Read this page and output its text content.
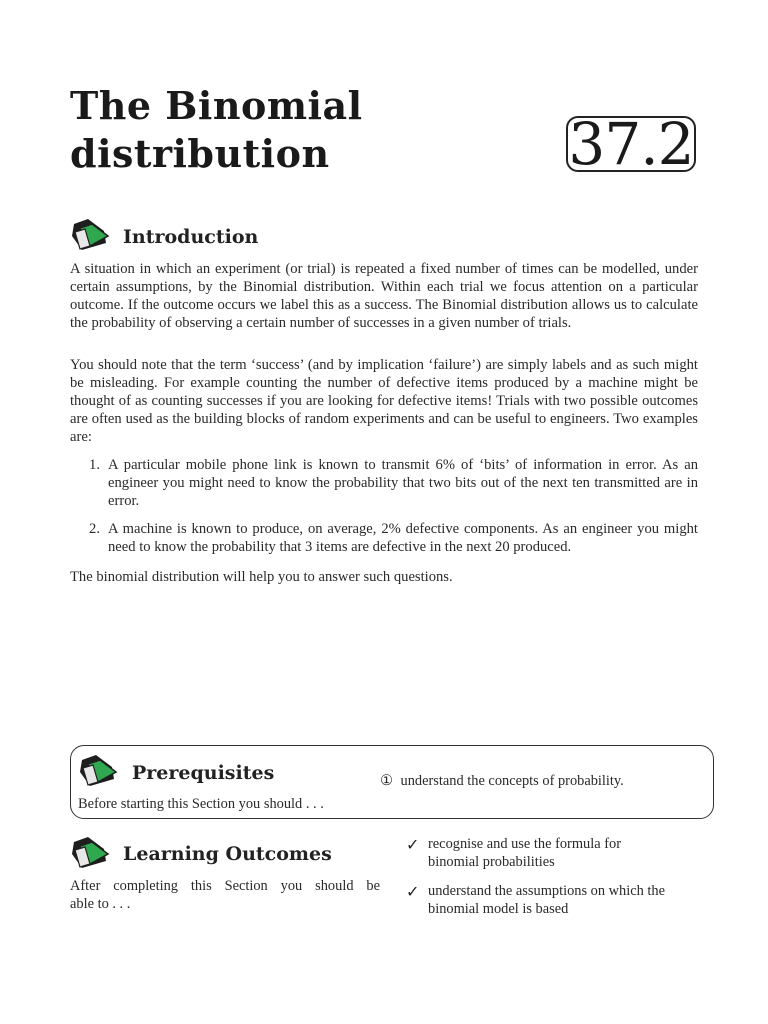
The Binomial
distribution	37.2
Introduction
A situation in which an experiment (or trial) is repeated a fixed number of times can be modelled, under certain assumptions, by the Binomial distribution. Within each trial we focus attention on a particular outcome. If the outcome occurs we label this as a success. The Binomial distribution allows us to calculate the probability of observing a certain number of successes in a given number of trials.
You should note that the term ‘success’ (and by implication ‘failure’) are simply labels and as such might be misleading. For example counting the number of defective items produced by a machine might be thought of as counting successes if you are looking for defective items! Trials with two possible outcomes are often used as the building blocks of random experiments and can be useful to engineers. Two examples are:
1. A particular mobile phone link is known to transmit 6% of ‘bits’ of information in error. As an engineer you might need to know the probability that two bits out of the next ten transmitted are in error.
2. A machine is known to produce, on average, 2% defective components. As an engineer you might need to know the probability that 3 items are defective in the next 20 produced.
The binomial distribution will help you to answer such questions.
Prerequisites
Before starting this Section you should . . .
① understand the concepts of probability.
Learning Outcomes
After completing this Section you should be
able to . . .
✓ recognise and use the formula for
binomial probabilities
✓ understand the assumptions on which the
binomial model is based
